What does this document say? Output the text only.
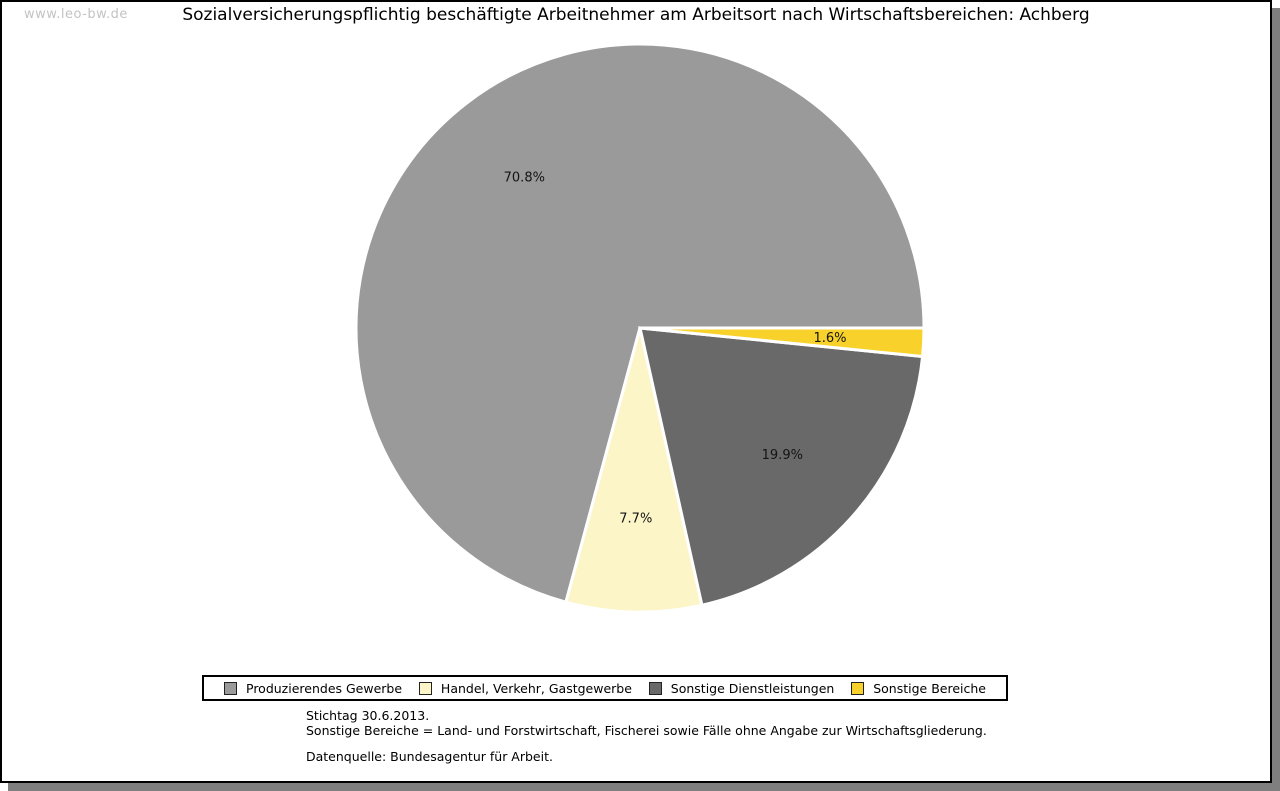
www.leo-bw.de	Sozialversicherungspflichtig beschäftigte Arbeitnehmer am Arbeitsort nach Wirtschaftsbereichen: Achberg
70.8%
7.7%
19.9%
1.6%
Produzierendes Gewerbe	Handel, Verkehr, Gastgewerbe	Sonstige Dienstleistungen	Sonstige Bereiche
Stichtag 30.6.2013.
Sonstige Bereiche = Land- und Forstwirtschaft, Fischerei sowie Fälle ohne Angabe zur Wirtschaftsgliederung.
Datenquelle: Bundesagentur für Arbeit.
